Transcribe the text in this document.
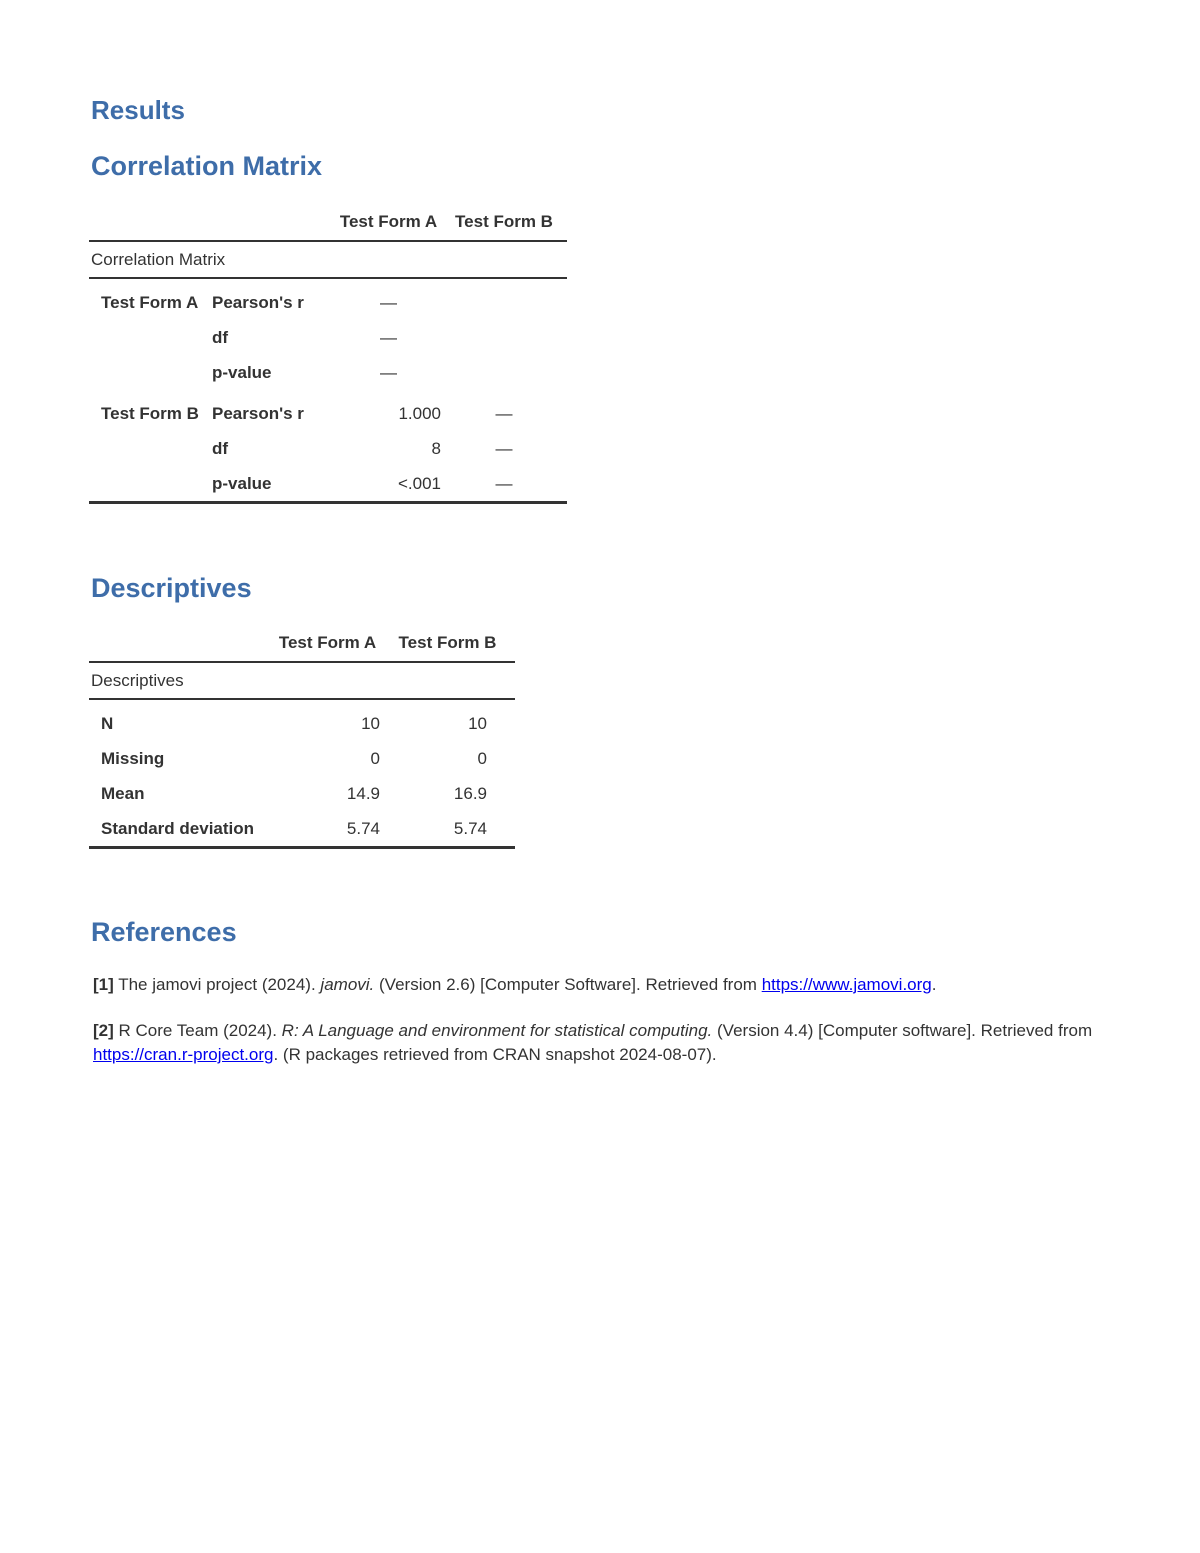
Results
Correlation Matrix
		Test Form A	Test Form B
Correlation Matrix			
Test Form A	Pearson's r	—	
	df	—	
	p-value	—	

Test Form B	Pearson's r	1.000	—
	df	8	—
	p-value	<.001	—
Descriptives
	Test Form A	Test Form B
Descriptives		
N	10	10
Missing	0	0
Mean	14.9	16.9
Standard deviation	5.74	5.74
References
[1] The jamovi project (2024). jamovi. (Version 2.6) [Computer Software]. Retrieved from https://www.jamovi.org.
[2] R Core Team (2024). R: A Language and environment for statistical computing. (Version 4.4) [Computer software]. Retrieved from https://cran.r-project.org. (R packages retrieved from CRAN snapshot 2024-08-07).
